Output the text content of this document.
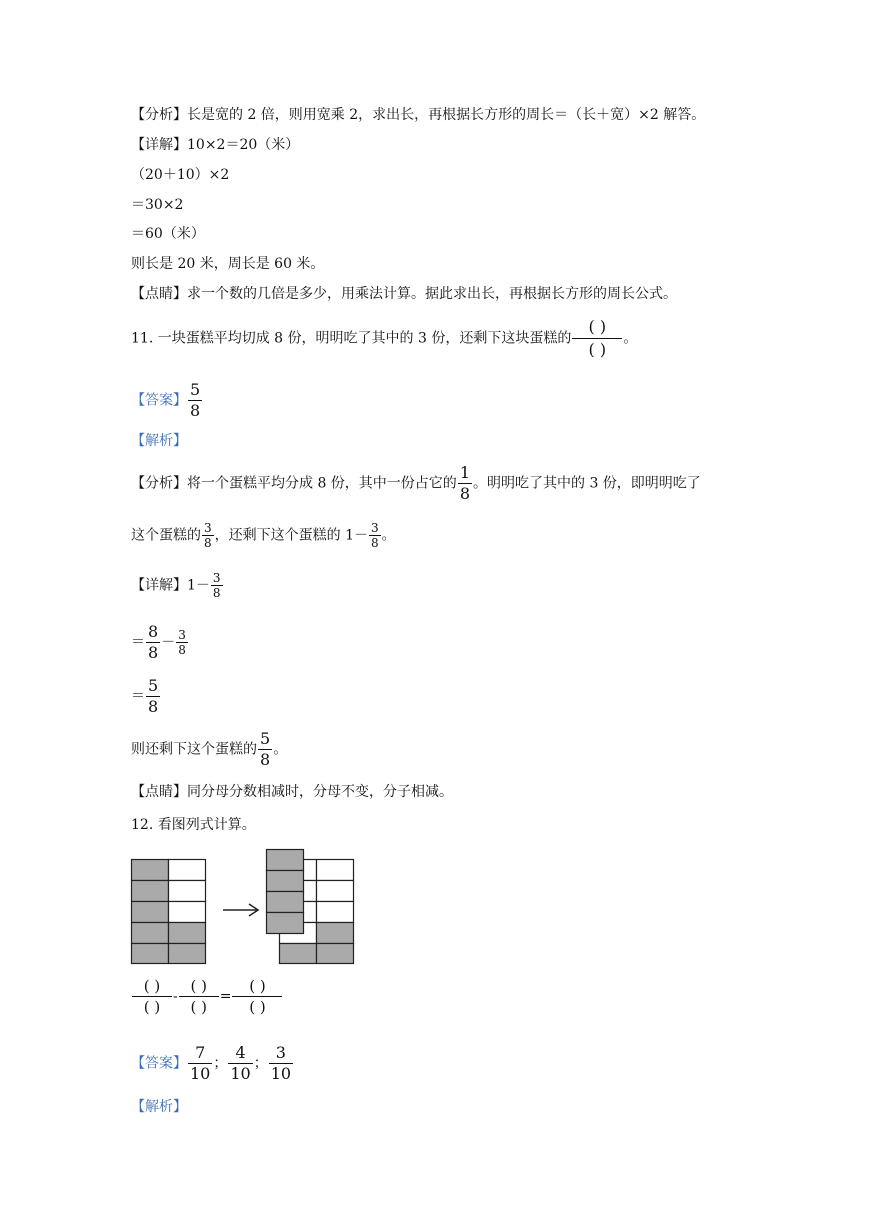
【分析】长是宽的 2 倍，则用宽乘 2，求出长，再根据长方形的周长＝（长＋宽）×2 解答。
【详解】10×2＝20（米）
（20＋10）×2
＝30×2
＝60（米）
则长是 20 米，周长是 60 米。
【点睛】求一个数的几倍是多少，用乘法计算。据此求出长，再根据长方形的周长公式。
11. 一块蛋糕平均切成 8 份，明明吃了其中的 3 份，还剩下这块蛋糕的 $\frac{( )}{( )}$ 。
【答案】 $\frac{5}{8}$
【解析】
【分析】将一个蛋糕平均分成 8 份，其中一份占它的 $\frac{1}{8}$ 。明明吃了其中的 3 份，即明明吃了
这个蛋糕的 $\frac{3}{8}$ ，还剩下这个蛋糕的 $1- \frac{3}{8}$ 。
【详解】$1- \frac{3}{8}$
＝ $\frac{8}{8} - \frac{3}{8}$
＝ $\frac{5}{8}$
则还剩下这个蛋糕的 $\frac{5}{8}$ 。
【点睛】同分母分数相减时，分母不变，分子相减。
12. 看图列式计算。
$\frac{( )}{( )} - \frac{( )}{( )} = \frac{( )}{( )}$
【答案】 $\frac{7}{10}$ ； $\frac{4}{10}$ ； $\frac{3}{10}$
【解析】
